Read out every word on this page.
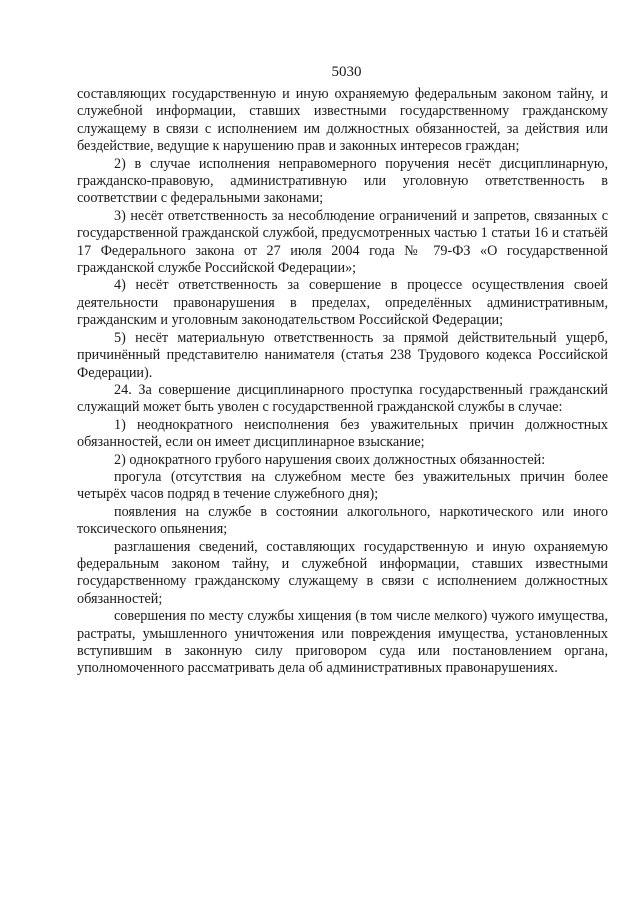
5030

составляющих государственную и иную охраняемую федеральным законом тайну, и служебной информации, ставших известными государственному гражданскому служащему в связи с исполнением им должностных обязанностей, за действия или бездействие, ведущие к нарушению прав и законных интересов граждан;

2) в случае исполнения неправомерного поручения несёт дисциплинарную, гражданско-правовую, административную или уголовную ответственность в соответствии с федеральными законами;

3) несёт ответственность за несоблюдение ограничений и запретов, связанных с государственной гражданской службой, предусмотренных частью 1 статьи 16 и статьёй 17 Федерального закона от 27 июля 2004 года № 79-ФЗ «О государственной гражданской службе Российской Федерации»;

4) несёт ответственность за совершение в процессе осуществления своей деятельности правонарушения в пределах, определённых административным, гражданским и уголовным законодательством Российской Федерации;

5) несёт материальную ответственность за прямой действительный ущерб, причинённый представителю нанимателя (статья 238 Трудового кодекса Российской Федерации).

24. За совершение дисциплинарного проступка государственный гражданский служащий может быть уволен с государственной гражданской службы в случае:

1) неоднократного неисполнения без уважительных причин должностных обязанностей, если он имеет дисциплинарное взыскание;

2) однократного грубого нарушения своих должностных обязанностей:

прогула (отсутствия на служебном месте без уважительных причин более четырёх часов подряд в течение служебного дня);

появления на службе в состоянии алкогольного, наркотического или иного токсического опьянения;

разглашения сведений, составляющих государственную и иную охраняемую федеральным законом тайну, и служебной информации, ставших известными государственному гражданскому служащему в связи с исполнением должностных обязанностей;

совершения по месту службы хищения (в том числе мелкого) чужого имущества, растраты, умышленного уничтожения или повреждения имущества, установленных вступившим в законную силу приговором суда или постановлением органа, уполномоченного рассматривать дела об административных правонарушениях.
